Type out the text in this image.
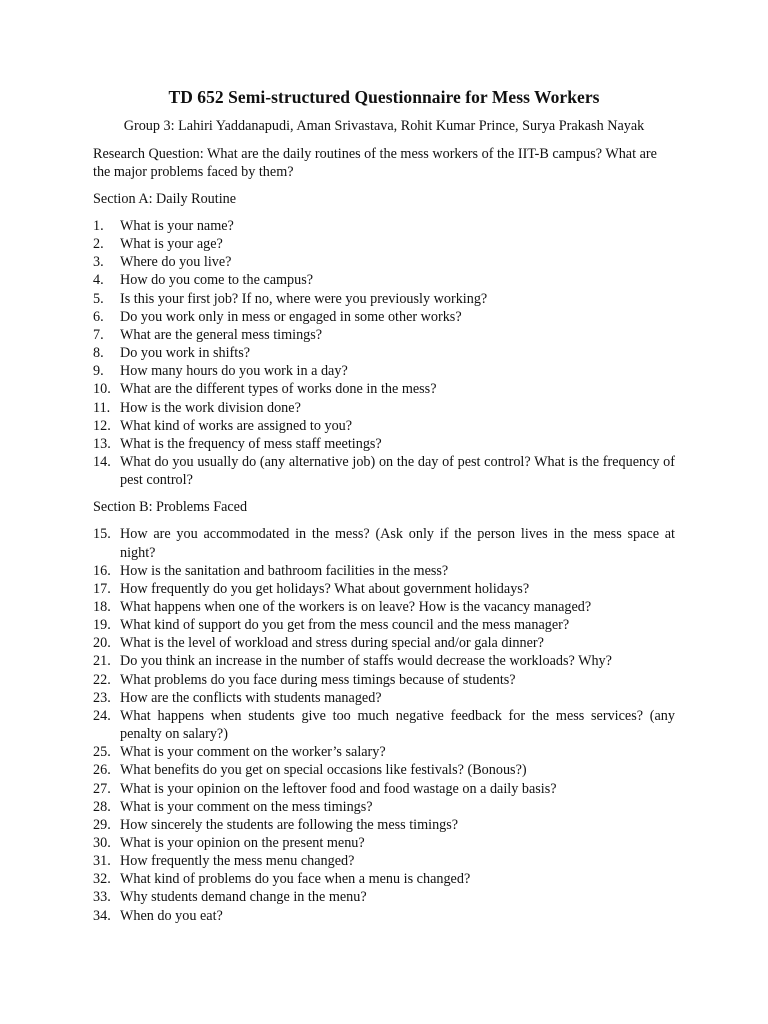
TD 652 Semi-structured Questionnaire for Mess Workers

Group 3: Lahiri Yaddanapudi, Aman Srivastava, Rohit Kumar Prince, Surya Prakash Nayak

Research Question: What are the daily routines of the mess workers of the IIT-B campus? What are the major problems faced by them?

Section A: Daily Routine

1.	What is your name?
2.	What is your age?
3.	Where do you live?
4.	How do you come to the campus?
5.	Is this your first job? If no, where were you previously working?
6.	Do you work only in mess or engaged in some other works?
7.	What are the general mess timings?
8.	Do you work in shifts?
9.	How many hours do you work in a day?
10. What are the different types of works done in the mess?
11. How is the work division done?
12. What kind of works are assigned to you?
13. What is the frequency of mess staff meetings?
14. What do you usually do (any alternative job) on the day of pest control? What is the frequency of pest control?

Section B: Problems Faced

15. How are you accommodated in the mess? (Ask only if the person lives in the mess space at night?
16. How is the sanitation and bathroom facilities in the mess?
17. How frequently do you get holidays? What about government holidays?
18. What happens when one of the workers is on leave? How is the vacancy managed?
19. What kind of support do you get from the mess council and the mess manager?
20. What is the level of workload and stress during special and/or gala dinner?
21. Do you think an increase in the number of staffs would decrease the workloads? Why?
22. What problems do you face during mess timings because of students?
23. How are the conflicts with students managed?
24. What happens when students give too much negative feedback for the mess services? (any penalty on salary?)
25. What is your comment on the worker’s salary?
26. What benefits do you get on special occasions like festivals? (Bonous?)
27. What is your opinion on the leftover food and food wastage on a daily basis?
28. What is your comment on the mess timings?
29. How sincerely the students are following the mess timings?
30. What is your opinion on the present menu?
31. How frequently the mess menu changed?
32. What kind of problems do you face when a menu is changed?
33. Why students demand change in the menu?
34. When do you eat?
